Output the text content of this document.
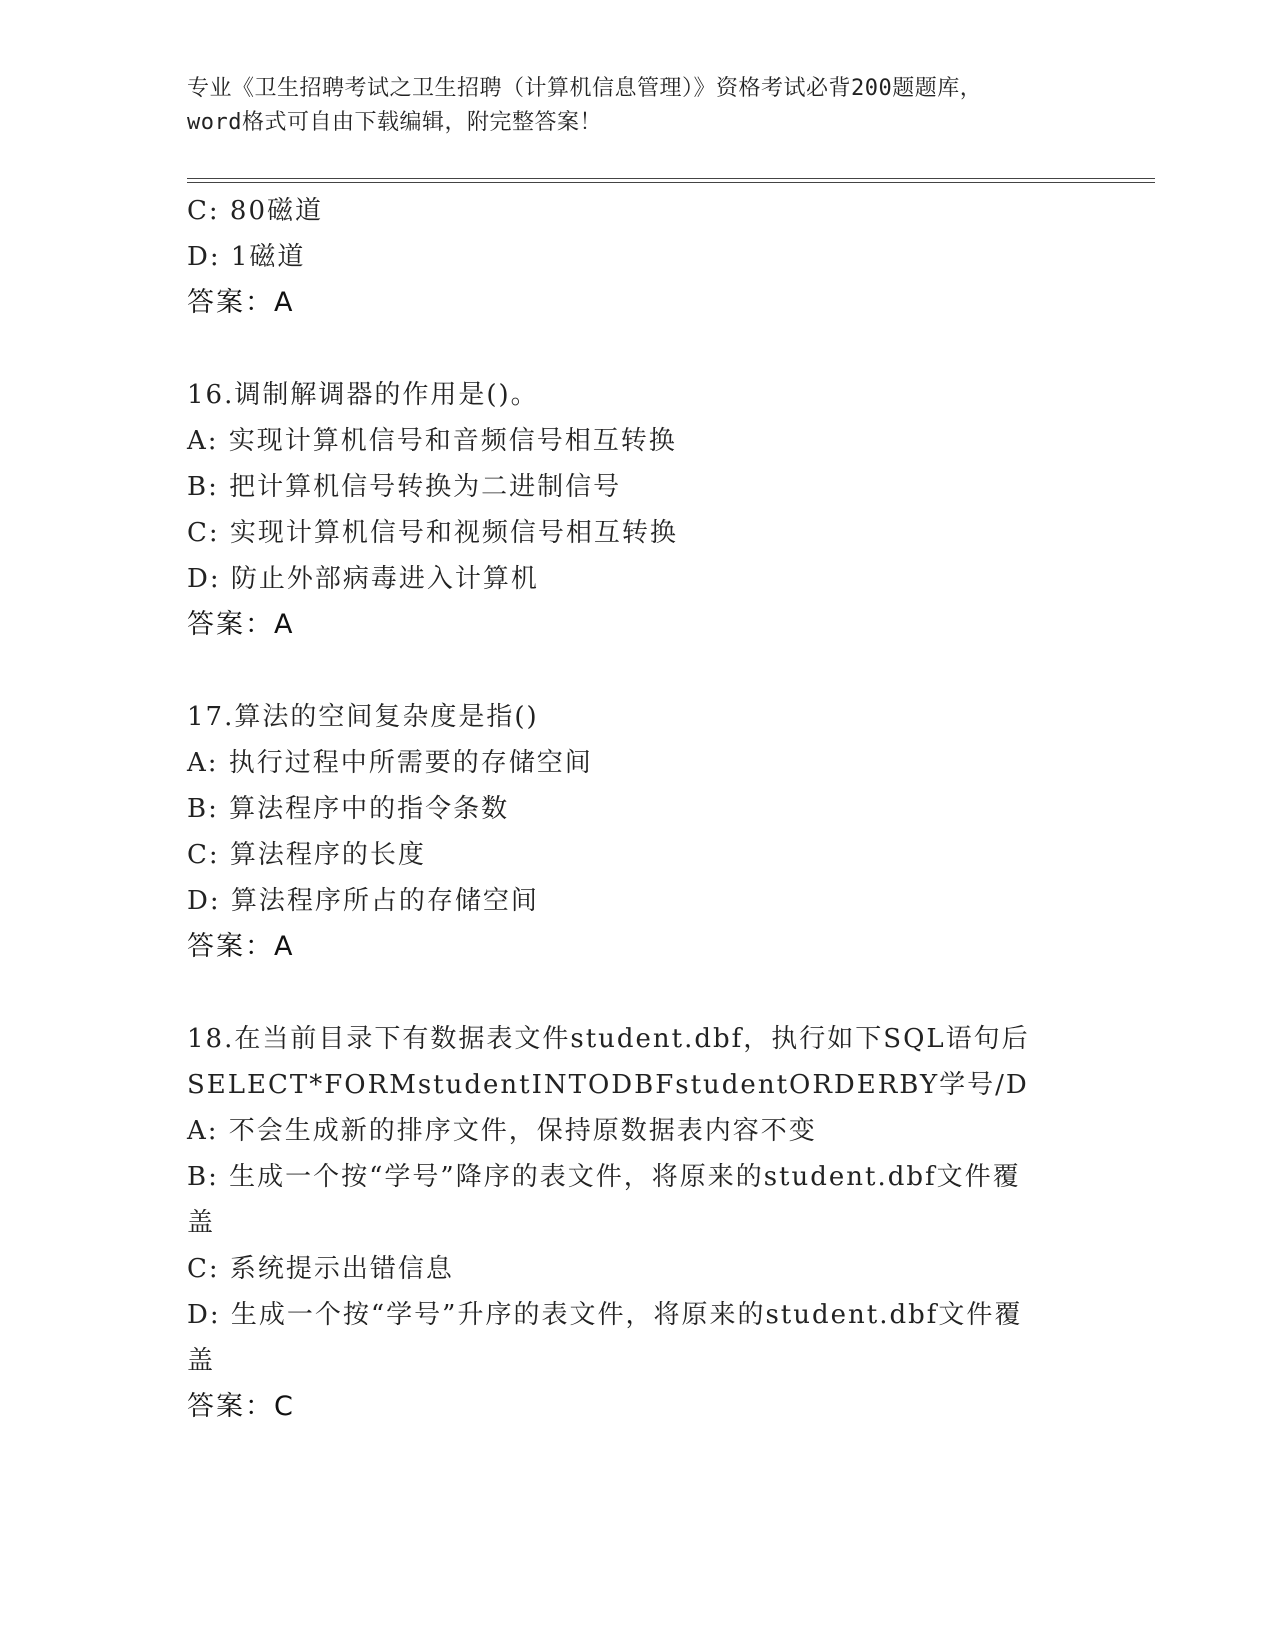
专业《卫生招聘考试之卫生招聘（计算机信息管理）》资格考试必背200题题库，
word格式可自由下载编辑，附完整答案！
C: 80磁道
D: 1磁道
答案：A
16.调制解调器的作用是()。
A: 实现计算机信号和音频信号相互转换
B: 把计算机信号转换为二进制信号
C: 实现计算机信号和视频信号相互转换
D: 防止外部病毒进入计算机
答案：A
17.算法的空间复杂度是指()
A: 执行过程中所需要的存储空间
B: 算法程序中的指令条数
C: 算法程序的长度
D: 算法程序所占的存储空间
答案：A
18.在当前目录下有数据表文件student.dbf，执行如下SQL语句后
SELECT*FORMstudentINTODBFstudentORDERBY学号/D
A: 不会生成新的排序文件，保持原数据表内容不变
B: 生成一个按“学号”降序的表文件，将原来的student.dbf文件覆
盖
C: 系统提示出错信息
D: 生成一个按“学号”升序的表文件，将原来的student.dbf文件覆
盖
答案：C
